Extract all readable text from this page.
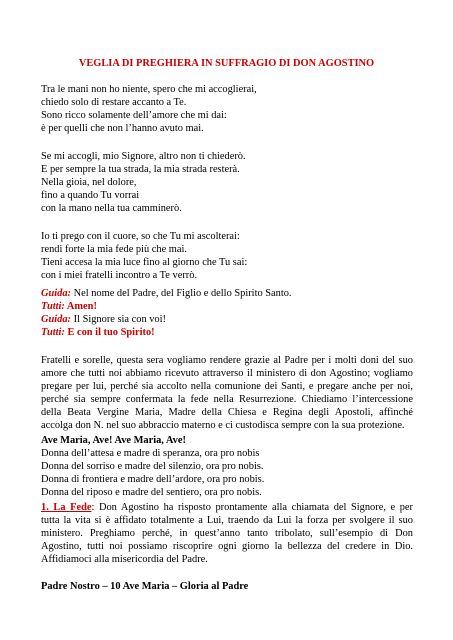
VEGLIA DI PREGHIERA IN SUFFRAGIO DI DON AGOSTINO
Tra le mani non ho niente, spero che mi accoglierai,
chiedo solo di restare accanto a Te.
Sono ricco solamente dell’amore che mi dai:
è per quelli che non l’hanno avuto mai.
Se mi accogli, mio Signore, altro non ti chiederò.
E per sempre la tua strada, la mia strada resterà.
Nella gioia, nel dolore,
fino a quando Tu vorrai
con la mano nella tua camminerò.
Io ti prego con il cuore, so che Tu mi ascolterai:
rendi forte la mia fede più che mai.
Tieni accesa la mia luce fino al giorno che Tu sai:
con i miei fratelli incontro a Te verrò.
Guida: Nel nome del Padre, del Figlio e dello Spirito Santo.
Tutti: Amen!
Guida: Il Signore sia con voi!
Tutti: E con il tuo Spirito!
Fratelli e sorelle, questa sera vogliamo rendere grazie al Padre per i molti doni del suo
amore che tutti noi abbiamo ricevuto attraverso il ministero di don Agostino; vogliamo
pregare per lui, perché sia accolto nella comunione dei Santi, e pregare anche per noi,
perché sia sempre confermata la fede nella Resurrezione. Chiediamo l’intercessione
della Beata Vergine Maria, Madre della Chiesa e Regina degli Apostoli, affinché
accolga don N. nel suo abbraccio materno e ci custodisca sempre con la sua protezione.
Ave Maria, Ave! Ave Maria, Ave!
Donna dell’attesa e madre di speranza, ora pro nobis
Donna del sorriso e madre del silenzio, ora pro nobis.
Donna di frontiera e madre dell’ardore, ora pro nobis.
Donna del riposo e madre del sentiero, ora pro nobis.
1. La Fede: Don Agostino ha risposto prontamente alla chiamata del Signore, e per
tutta la vita si è affidato totalmente a Lui, traendo da Lui la forza per svolgere il suo
ministero. Preghiamo perché, in quest’anno tanto tribolato, sull’esempio di Don
Agostino, tutti noi possiamo riscoprire ogni giorno la bellezza del credere in Dio.
Affidiamoci alla misericordia del Padre.
Padre Nostro – 10 Ave Maria – Gloria al Padre
